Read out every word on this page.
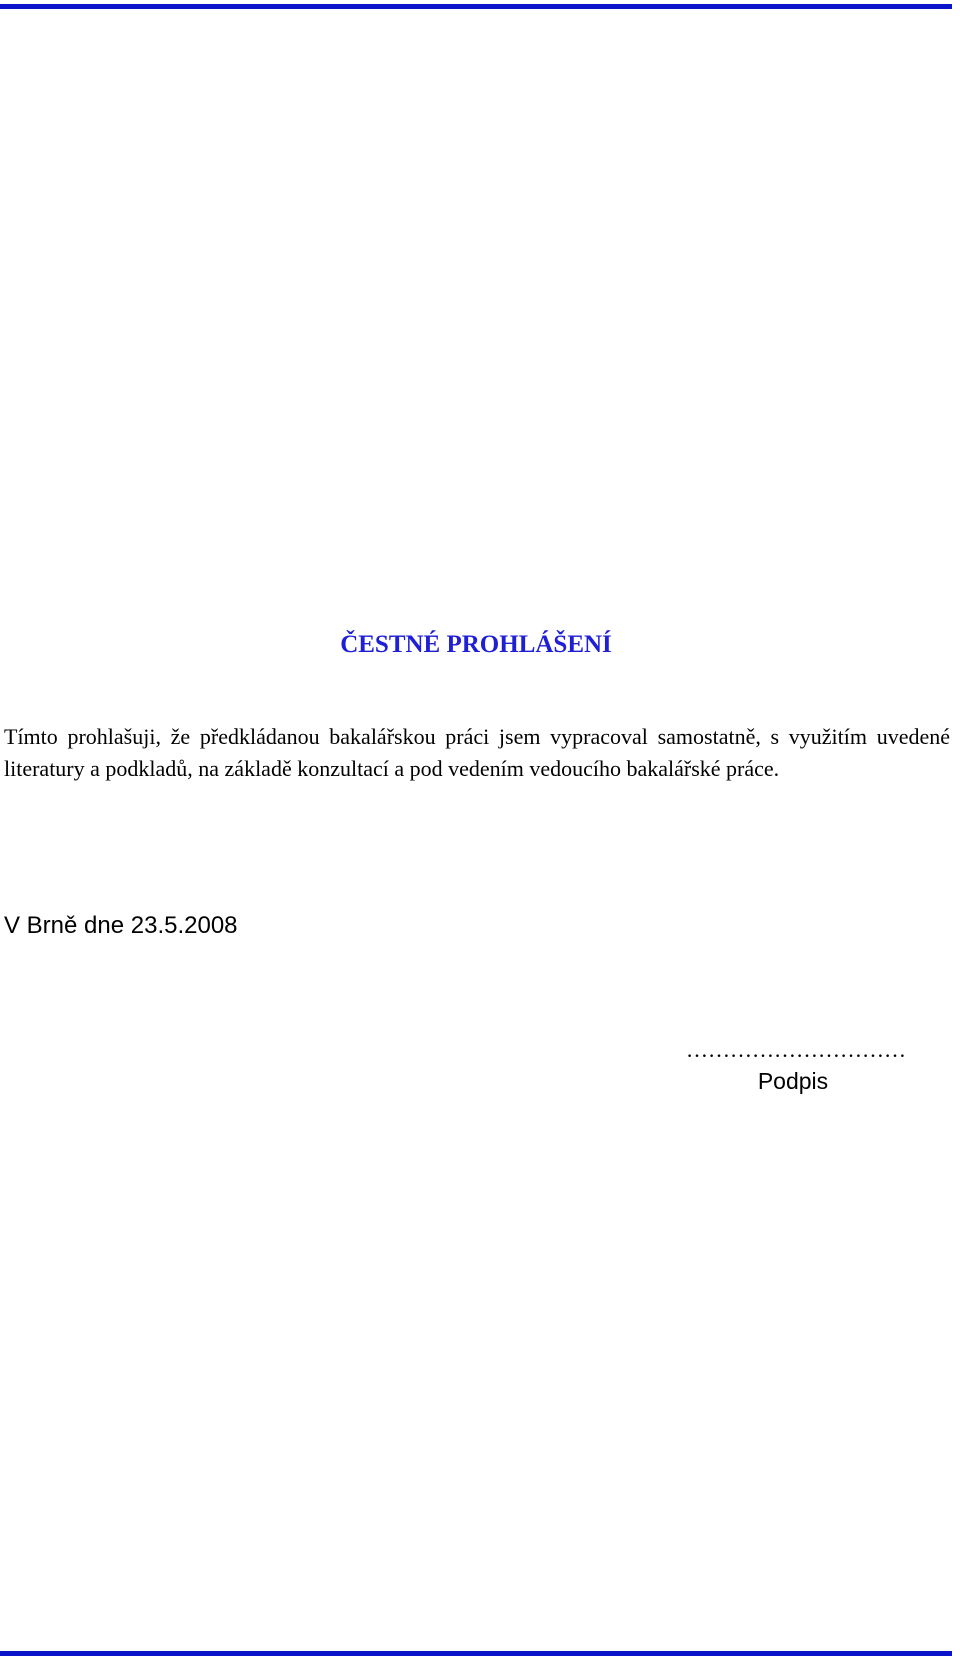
ČESTNÉ PROHLÁŠENÍ

Tímto prohlašuji, že předkládanou bakalářskou práci jsem vypracoval samostatně, s využitím uvedené literatury a podkladů, na základě konzultací a pod vedením vedoucího bakalářské práce.

V Brně dne 23.5.2008

…………………………
Podpis
